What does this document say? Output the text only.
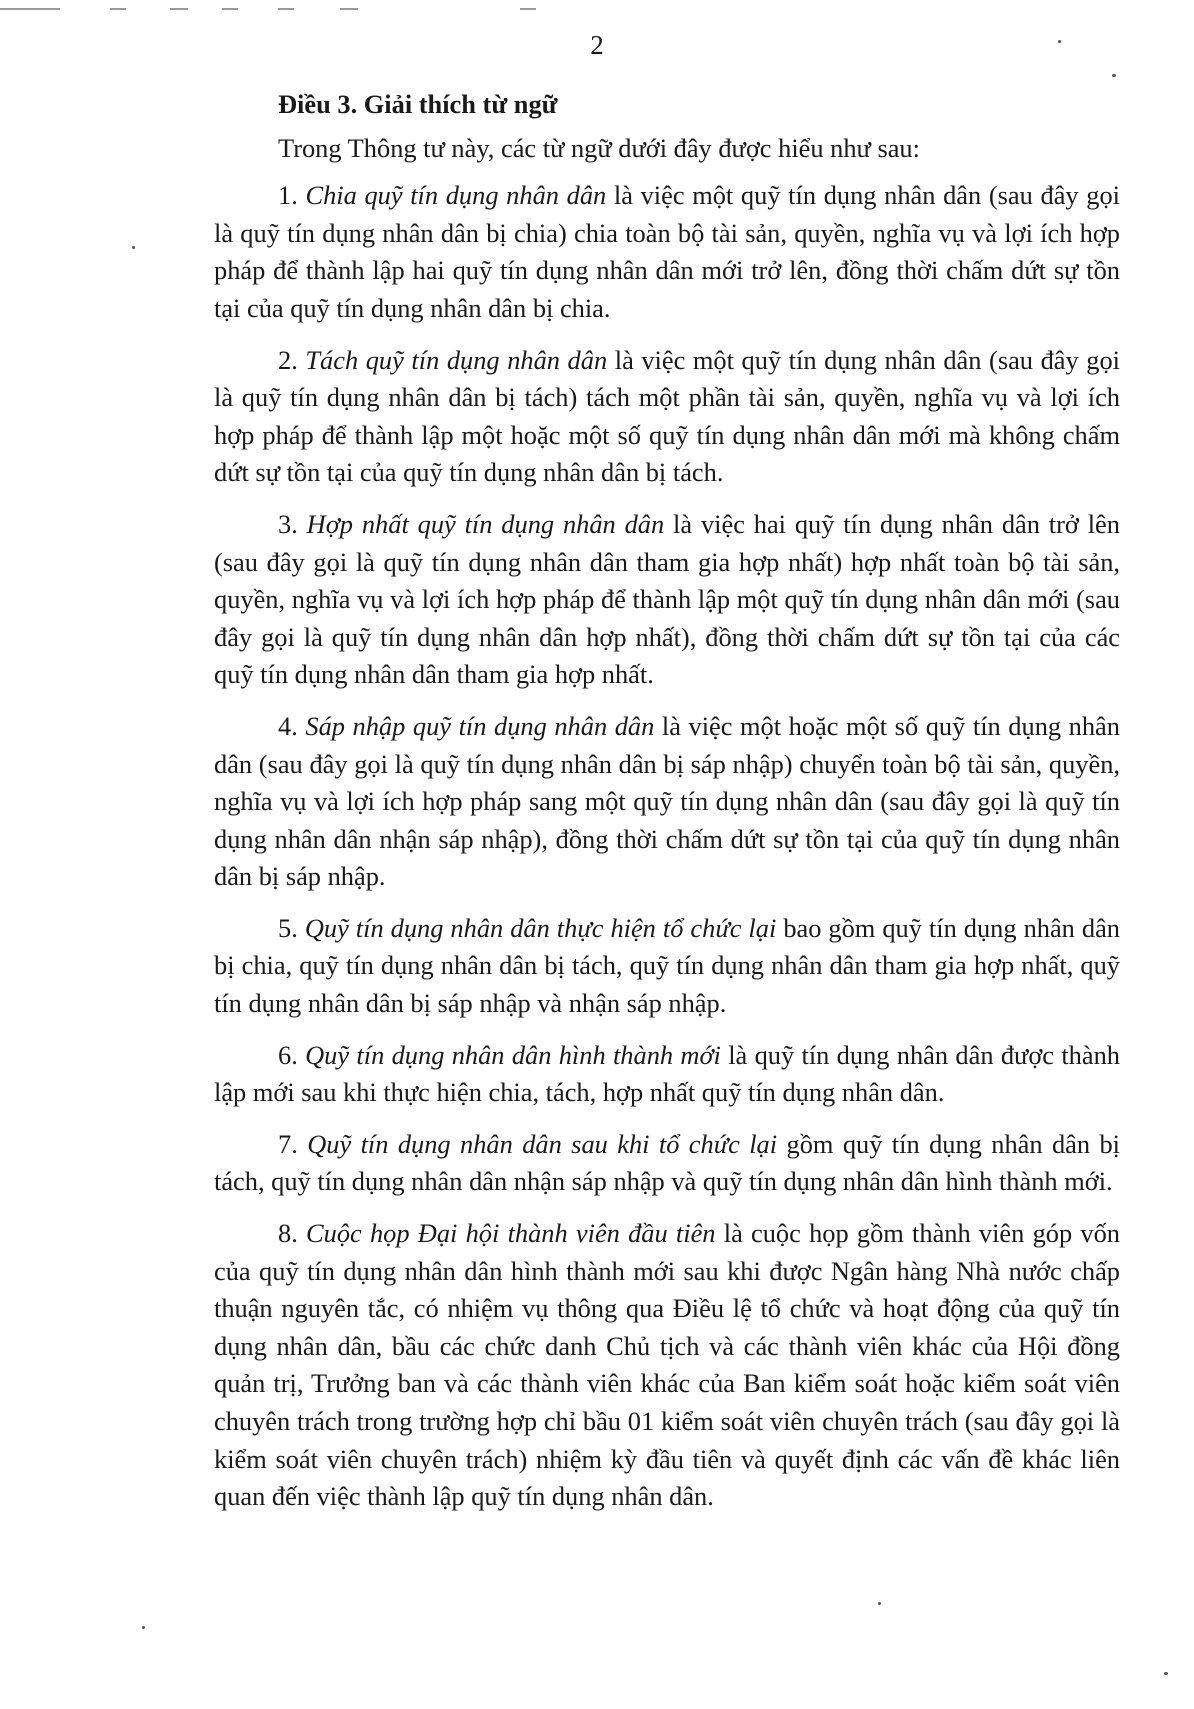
2

Điều 3. Giải thích từ ngữ

Trong Thông tư này, các từ ngữ dưới đây được hiểu như sau:

1. Chia quỹ tín dụng nhân dân là việc một quỹ tín dụng nhân dân (sau đây gọi là quỹ tín dụng nhân dân bị chia) chia toàn bộ tài sản, quyền, nghĩa vụ và lợi ích hợp pháp để thành lập hai quỹ tín dụng nhân dân mới trở lên, đồng thời chấm dứt sự tồn tại của quỹ tín dụng nhân dân bị chia.

2. Tách quỹ tín dụng nhân dân là việc một quỹ tín dụng nhân dân (sau đây gọi là quỹ tín dụng nhân dân bị tách) tách một phần tài sản, quyền, nghĩa vụ và lợi ích hợp pháp để thành lập một hoặc một số quỹ tín dụng nhân dân mới mà không chấm dứt sự tồn tại của quỹ tín dụng nhân dân bị tách.

3. Hợp nhất quỹ tín dụng nhân dân là việc hai quỹ tín dụng nhân dân trở lên (sau đây gọi là quỹ tín dụng nhân dân tham gia hợp nhất) hợp nhất toàn bộ tài sản, quyền, nghĩa vụ và lợi ích hợp pháp để thành lập một quỹ tín dụng nhân dân mới (sau đây gọi là quỹ tín dụng nhân dân hợp nhất), đồng thời chấm dứt sự tồn tại của các quỹ tín dụng nhân dân tham gia hợp nhất.

4. Sáp nhập quỹ tín dụng nhân dân là việc một hoặc một số quỹ tín dụng nhân dân (sau đây gọi là quỹ tín dụng nhân dân bị sáp nhập) chuyển toàn bộ tài sản, quyền, nghĩa vụ và lợi ích hợp pháp sang một quỹ tín dụng nhân dân (sau đây gọi là quỹ tín dụng nhân dân nhận sáp nhập), đồng thời chấm dứt sự tồn tại của quỹ tín dụng nhân dân bị sáp nhập.

5. Quỹ tín dụng nhân dân thực hiện tổ chức lại bao gồm quỹ tín dụng nhân dân bị chia, quỹ tín dụng nhân dân bị tách, quỹ tín dụng nhân dân tham gia hợp nhất, quỹ tín dụng nhân dân bị sáp nhập và nhận sáp nhập.

6. Quỹ tín dụng nhân dân hình thành mới là quỹ tín dụng nhân dân được thành lập mới sau khi thực hiện chia, tách, hợp nhất quỹ tín dụng nhân dân.

7. Quỹ tín dụng nhân dân sau khi tổ chức lại gồm quỹ tín dụng nhân dân bị tách, quỹ tín dụng nhân dân nhận sáp nhập và quỹ tín dụng nhân dân hình thành mới.

8. Cuộc họp Đại hội thành viên đầu tiên là cuộc họp gồm thành viên góp vốn của quỹ tín dụng nhân dân hình thành mới sau khi được Ngân hàng Nhà nước chấp thuận nguyên tắc, có nhiệm vụ thông qua Điều lệ tổ chức và hoạt động của quỹ tín dụng nhân dân, bầu các chức danh Chủ tịch và các thành viên khác của Hội đồng quản trị, Trưởng ban và các thành viên khác của Ban kiểm soát hoặc kiểm soát viên chuyên trách trong trường hợp chỉ bầu 01 kiểm soát viên chuyên trách (sau đây gọi là kiểm soát viên chuyên trách) nhiệm kỳ đầu tiên và quyết định các vấn đề khác liên quan đến việc thành lập quỹ tín dụng nhân dân.
